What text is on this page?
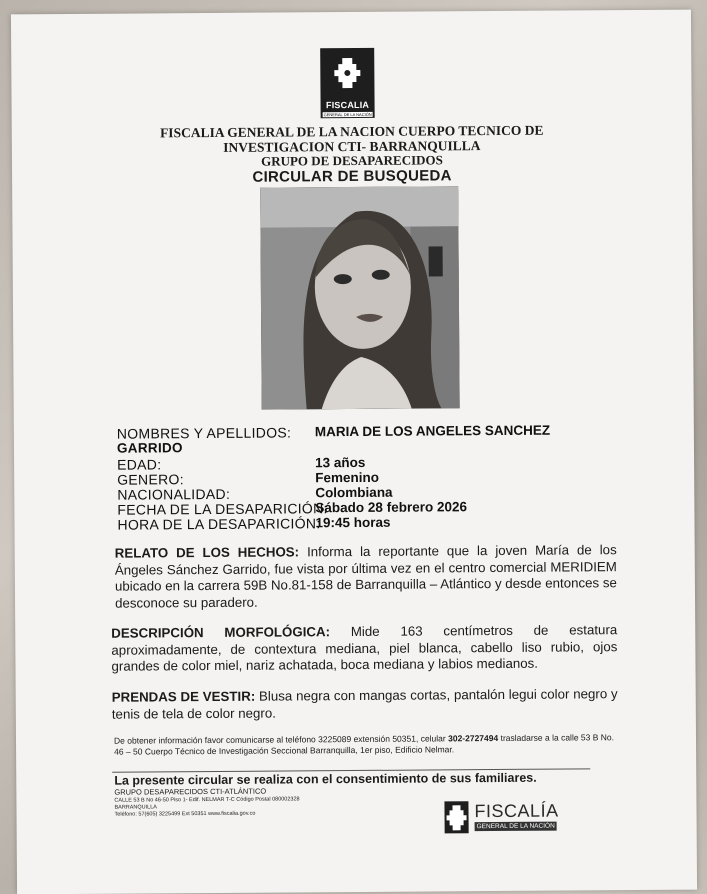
FISCALIA
GENERAL DE LA NACIÓN
FISCALIA GENERAL DE LA NACION CUERPO TECNICO DE
INVESTIGACION CTI- BARRANQUILLA
GRUPO DE DESAPARECIDOS
CIRCULAR DE BUSQUEDA
NOMBRES Y APELLIDOS: MARIA DE LOS ANGELES SANCHEZ
GARRIDO
EDAD:	13 años
GENERO:	Femenino
NACIONALIDAD:	Colombiana
FECHA DE LA DESAPARICIÓN:
Sábado 28 febrero 2026
HORA DE LA DESAPARICIÓN:
19:45 horas
RELATO DE LOS HECHOS: Informa la reportante que la joven María de los Ángeles Sánchez Garrido, fue vista por última vez en el centro comercial MERIDIEM ubicado en la carrera 59B No.81-158 de Barranquilla – Atlántico y desde entonces se desconoce su paradero.
DESCRIPCIÓN MORFOLÓGICA: Mide 163 centímetros de estatura aproximadamente, de contextura mediana, piel blanca, cabello liso rubio, ojos grandes de color miel, nariz achatada, boca mediana y labios medianos.
PRENDAS DE VESTIR: Blusa negra con mangas cortas, pantalón legui color negro y tenis de tela de color negro.
De obtener información favor comunicarse al teléfono 3225089 extensión 50351, celular 302-2727494 trasladarse a la calle 53 B No. 46 – 50 Cuerpo Técnico de Investigación Seccional Barranquilla, 1er piso, Edificio Nelmar.
La presente circular se realiza con el consentimiento de sus familiares.
GRUPO DESAPARECIDOS CTI-ATLÁNTICO
CALLE 53 B No 46-50 Piso 1- Edif. NELMAR T-C Código Postal 080002328
BARRANQUILLA
Teléfono: 57(605) 3225499 Ext 50351 www.fiscalia.gov.co	FISCALÍA
GENERAL DE LA NACIÓN
